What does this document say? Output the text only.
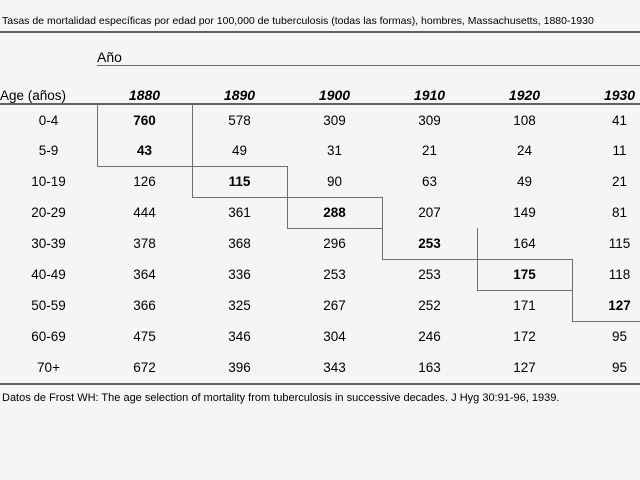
Tasas de mortalidad específicas por edad por 100,000 de tuberculosis (todas las formas), hombres, Massachusetts, 1880-1930
	Año					
Age (años)	1880	1890	1900	1910	1920	1930
0-4	760	578	309	309	108	41
5-9	43	49	31	21	24	11
10-19	126	115	90	63	49	21
20-29	444	361	288	207	149	81
30-39	378	368	296	253	164	115
40-49	364	336	253	253	175	118
50-59	366	325	267	252	171	127
60-69	475	346	304	246	172	95
70+	672	396	343	163	127	95
Datos de Frost WH: The age selection of mortality from tuberculosis in successive decades. J Hyg 30:91-96, 1939.
